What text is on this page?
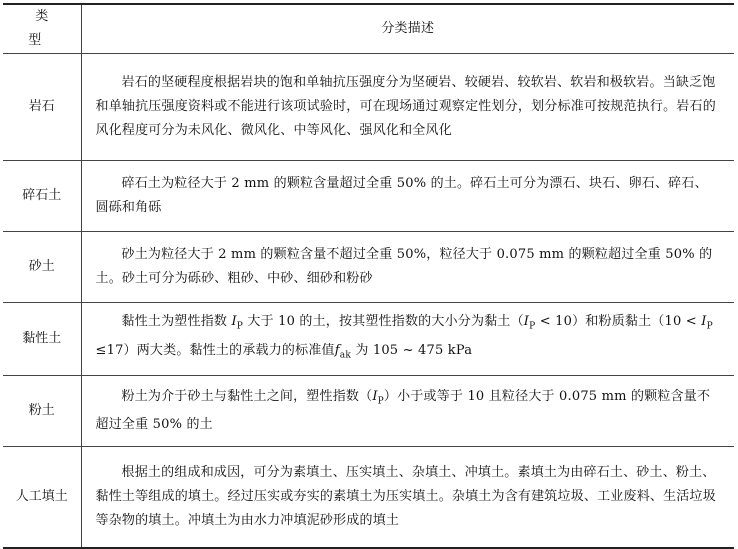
类 型	分类描述
岩石	岩石的坚硬程度根据岩块的饱和单轴抗压强度分为坚硬岩、较硬岩、较软岩、软岩和极软岩。当缺乏饱和单轴抗压强度资料或不能进行该项试验时，可在现场通过观察定性划分，划分标准可按规范执行。岩石的风化程度可分为未风化、微风化、中等风化、强风化和全风化
碎石土	碎石土为粒径大于 2 mm 的颗粒含量超过全重 50% 的土。碎石土可分为漂石、块石、卵石、碎石、圆砾和角砾
砂土	砂土为粒径大于 2 mm 的颗粒含量不超过全重 50%，粒径大于 0.075 mm 的颗粒超过全重 50% 的土。砂土可分为砾砂、粗砂、中砂、细砂和粉砂
黏性土	黏性土为塑性指数 $I_P$ 大于 10 的土，按其塑性指数的大小分为黏土$(I_P < 10)$和粉质黏土$(10 < I_P \le 17)$两大类。黏性土的承载力的标准值$f_{ak}$ 为 105 ~ 475 kPa
粉土	粉土为介于砂土与黏性土之间，塑性指数$(I_P)$小于或等于 10 且粒径大于 0.075 mm 的颗粒含量不超过全重 50% 的土
人工填土	根据土的组成和成因，可分为素填土、压实填土、杂填土、冲填土。素填土为由碎石土、砂土、粉土、黏性土等组成的填土。经过压实或夯实的素填土为压实填土。杂填土为含有建筑垃圾、工业废料、生活垃圾等杂物的填土。冲填土为由水力冲填泥砂形成的填土
